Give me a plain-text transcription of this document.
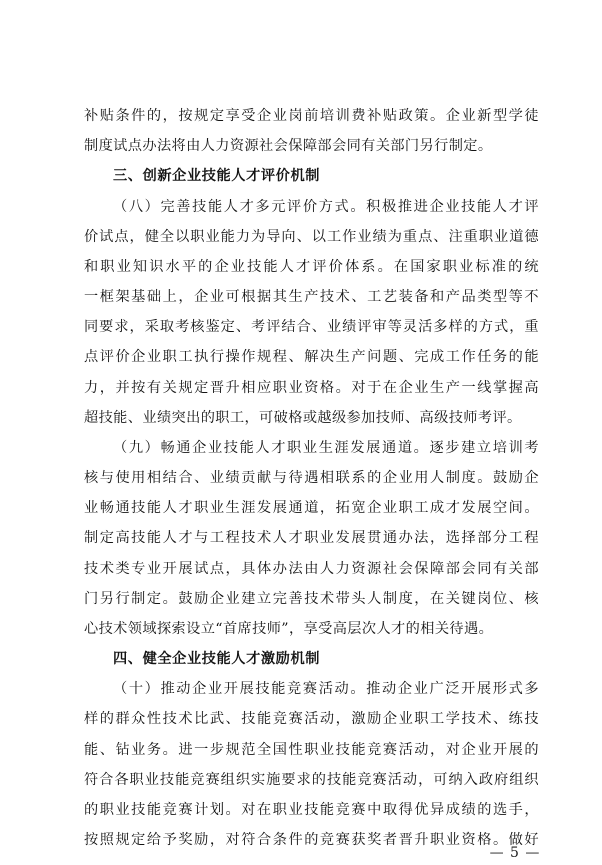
补贴条件的，按规定享受企业岗前培训费补贴政策。企业新型学徒
制度试点办法将由人力资源社会保障部会同有关部门另行制定。
三、创新企业技能人才评价机制
（八）完善技能人才多元评价方式。积极推进企业技能人才评
价试点，健全以职业能力为导向、以工作业绩为重点、注重职业道德
和职业知识水平的企业技能人才评价体系。在国家职业标准的统
一框架基础上，企业可根据其生产技术、工艺装备和产品类型等不
同要求，采取考核鉴定、考评结合、业绩评审等灵活多样的方式，重
点评价企业职工执行操作规程、解决生产问题、完成工作任务的能
力，并按有关规定晋升相应职业资格。对于在企业生产一线掌握高
超技能、业绩突出的职工，可破格或越级参加技师、高级技师考评。
（九）畅通企业技能人才职业生涯发展通道。逐步建立培训考
核与使用相结合、业绩贡献与待遇相联系的企业用人制度。鼓励企
业畅通技能人才职业生涯发展通道，拓宽企业职工成才发展空间。
制定高技能人才与工程技术人才职业发展贯通办法，选择部分工程
技术类专业开展试点，具体办法由人力资源社会保障部会同有关部
门另行制定。鼓励企业建立完善技术带头人制度，在关键岗位、核
心技术领域探索设立“首席技师”，享受高层次人才的相关待遇。
四、健全企业技能人才激励机制
（十）推动企业开展技能竞赛活动。推动企业广泛开展形式多
样的群众性技术比武、技能竞赛活动，激励企业职工学技术、练技
能、钻业务。进一步规范全国性职业技能竞赛活动，对企业开展的
符合各职业技能竞赛组织实施要求的技能竞赛活动，可纳入政府组织
的职业技能竞赛计划。对在职业技能竞赛中取得优异成绩的选手，
按照规定给予奖励，对符合条件的竞赛获奖者晋升职业资格。做好
— 5 —
